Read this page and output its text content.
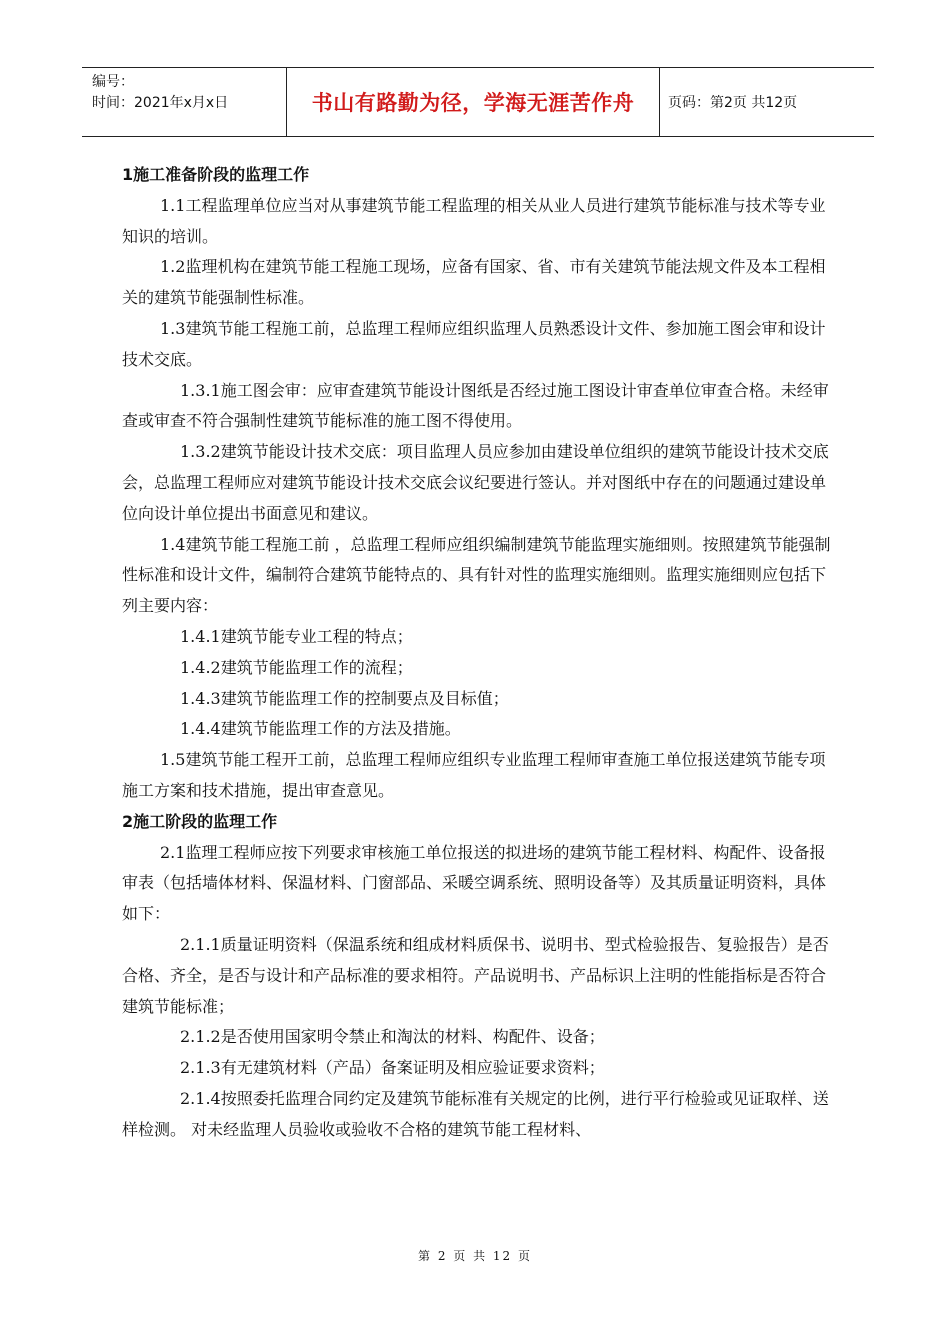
编号：
时间：2021年x月x日	书山有路勤为径，学海无涯苦作舟	页码：第2页 共12页

1施工准备阶段的监理工作

1.1工程监理单位应当对从事建筑节能工程监理的相关从业人员进行建筑节能标准与技术等专业知识的培训。

1.2监理机构在建筑节能工程施工现场，应备有国家、省、市有关建筑节能法规文件及本工程相关的建筑节能强制性标准。

1.3建筑节能工程施工前，总监理工程师应组织监理人员熟悉设计文件、参加施工图会审和设计技术交底。

1.3.1施工图会审：应审查建筑节能设计图纸是否经过施工图设计审查单位审查合格。未经审查或审查不符合强制性建筑节能标准的施工图不得使用。

1.3.2建筑节能设计技术交底：项目监理人员应参加由建设单位组织的建筑节能设计技术交底会，总监理工程师应对建筑节能设计技术交底会议纪要进行签认。并对图纸中存在的问题通过建设单位向设计单位提出书面意见和建议。

1.4建筑节能工程施工前 ，总监理工程师应组织编制建筑节能监理实施细则。按照建筑节能强制性标准和设计文件，编制符合建筑节能特点的、具有针对性的监理实施细则。监理实施细则应包括下列主要内容：

1.4.1建筑节能专业工程的特点；

1.4.2建筑节能监理工作的流程；

1.4.3建筑节能监理工作的控制要点及目标值；

1.4.4建筑节能监理工作的方法及措施。

1.5建筑节能工程开工前，总监理工程师应组织专业监理工程师审查施工单位报送建筑节能专项施工方案和技术措施，提出审查意见。

2施工阶段的监理工作

2.1监理工程师应按下列要求审核施工单位报送的拟进场的建筑节能工程材料、构配件、设备报审表（包括墙体材料、保温材料、门窗部品、采暖空调系统、照明设备等）及其质量证明资料，具体如下：

2.1.1质量证明资料（保温系统和组成材料质保书、说明书、型式检验报告、复验报告）是否合格、齐全，是否与设计和产品标准的要求相符。产品说明书、产品标识上注明的性能指标是否符合建筑节能标准；

2.1.2是否使用国家明令禁止和淘汰的材料、构配件、设备；

2.1.3有无建筑材料（产品）备案证明及相应验证要求资料；

2.1.4按照委托监理合同约定及建筑节能标准有关规定的比例，进行平行检验或见证取样、送样检测。 对未经监理人员验收或验收不合格的建筑节能工程材料、

第 2 页 共 12 页
